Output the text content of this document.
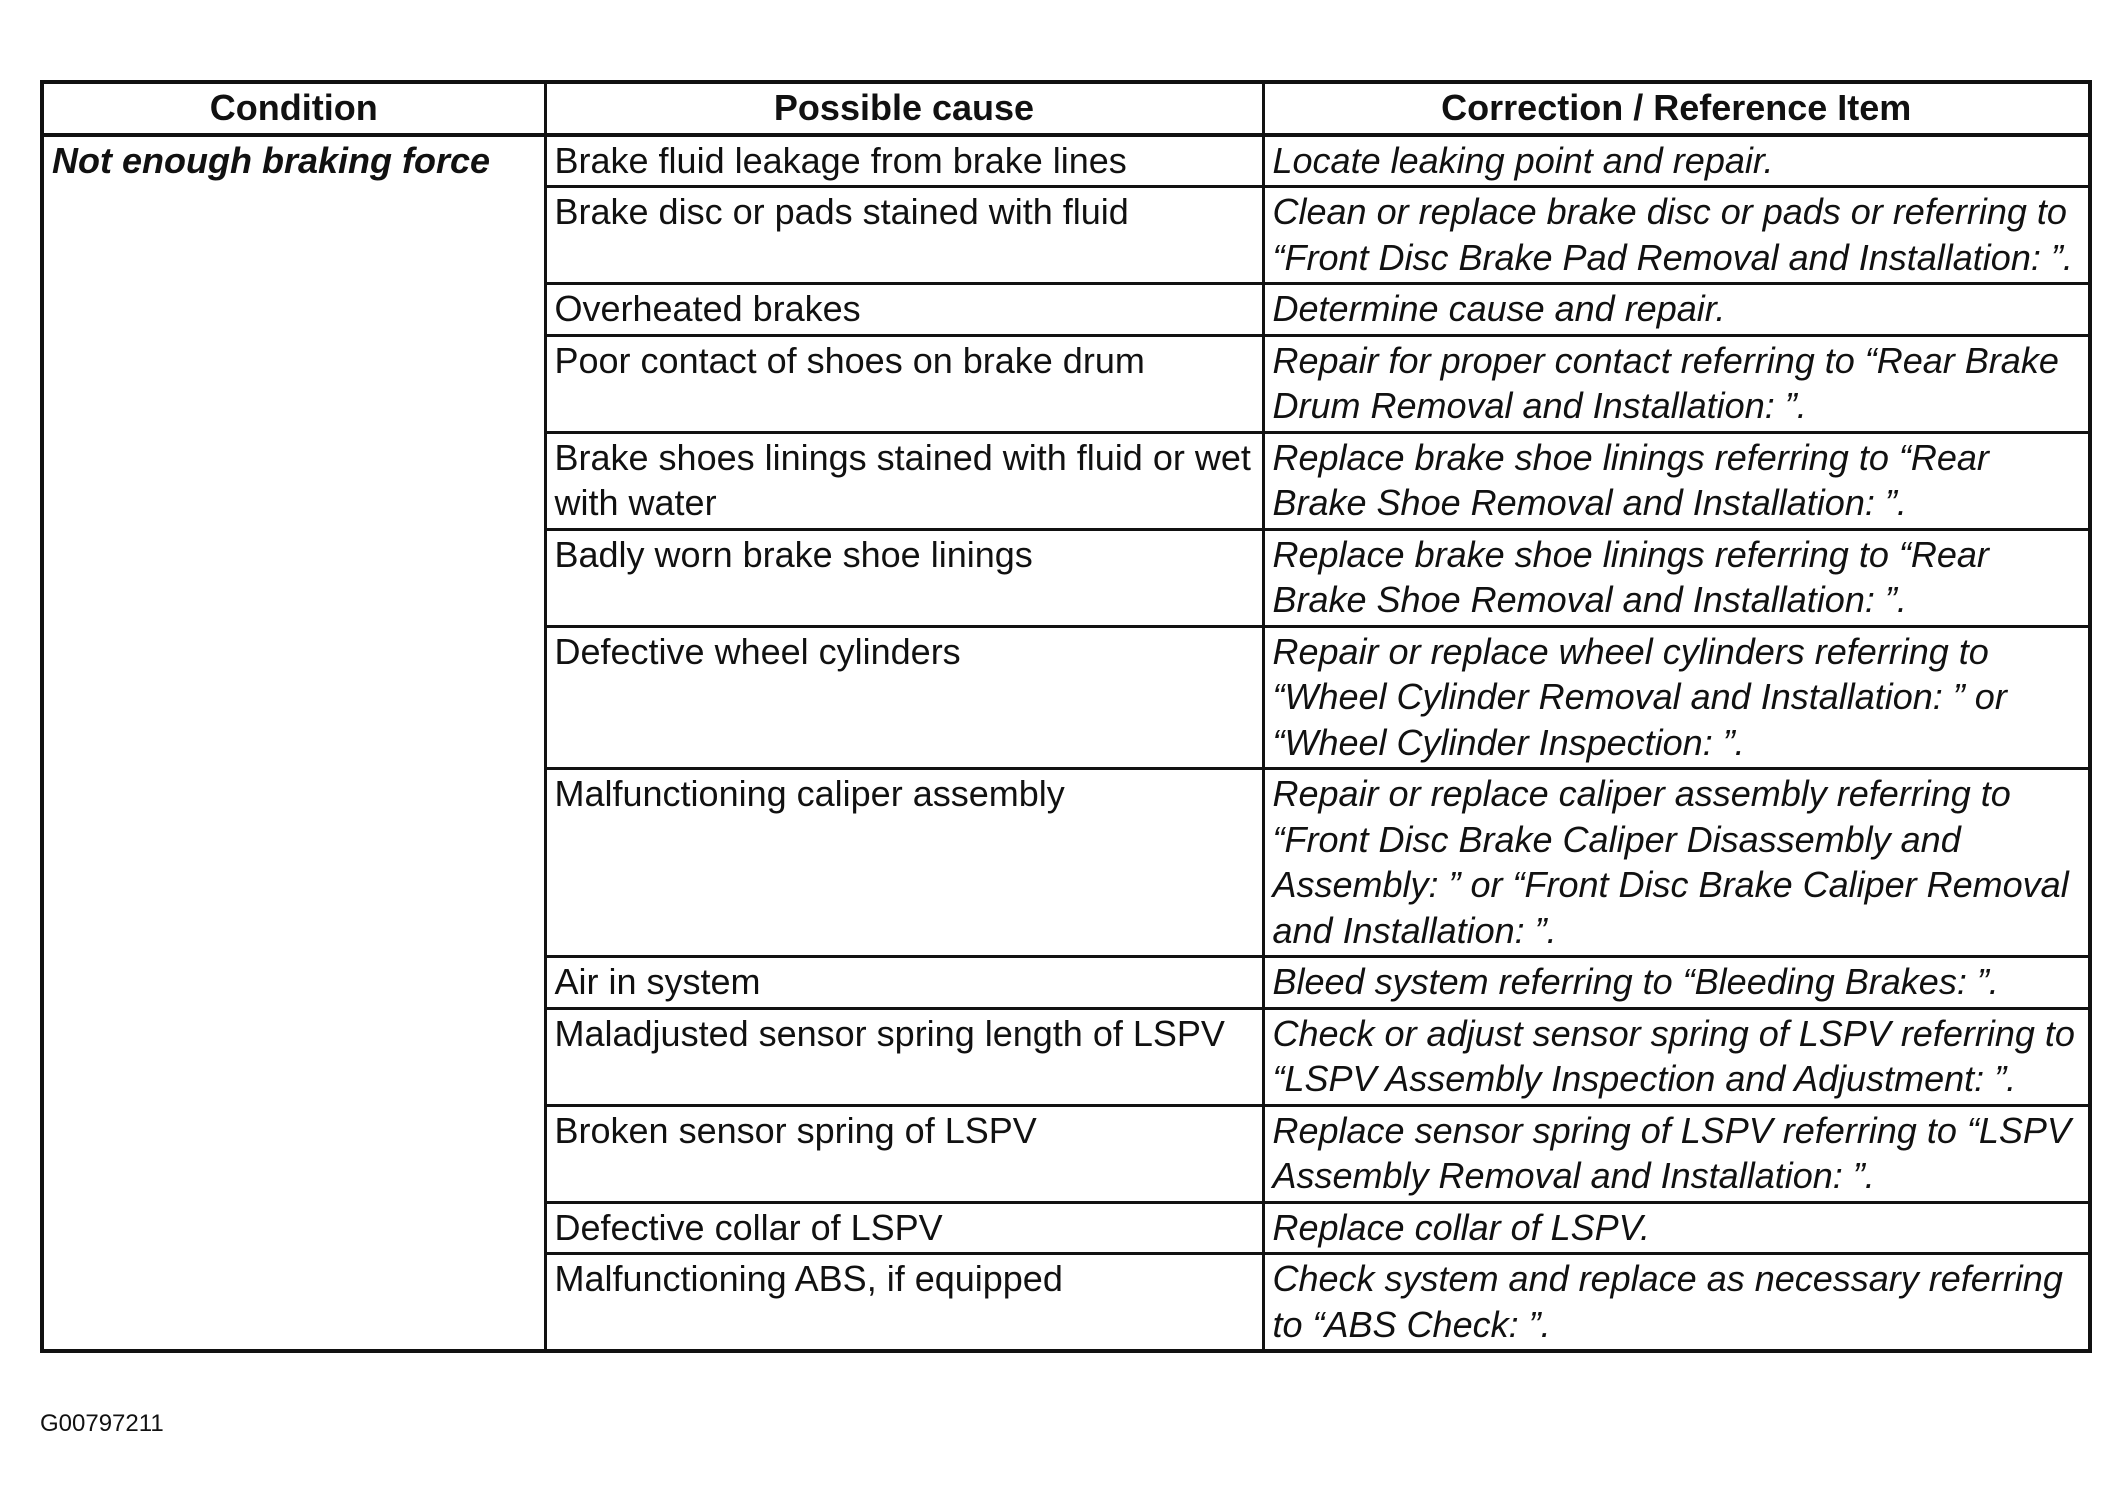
Condition	Possible cause	Correction / Reference Item
Not enough braking force	Brake fluid leakage from brake lines	Locate leaking point and repair.
	Brake disc or pads stained with fluid	Clean or replace brake disc or pads or referring to “Front Disc Brake Pad Removal and Installation: ”.
	Overheated brakes	Determine cause and repair.
	Poor contact of shoes on brake drum	Repair for proper contact referring to “Rear Brake Drum Removal and Installation: ”.
	Brake shoes linings stained with fluid or wet with water	Replace brake shoe linings referring to “Rear Brake Shoe Removal and Installation: ”.
	Badly worn brake shoe linings	Replace brake shoe linings referring to “Rear Brake Shoe Removal and Installation: ”.
	Defective wheel cylinders	Repair or replace wheel cylinders referring to “Wheel Cylinder Removal and Installation: ” or “Wheel Cylinder Inspection: ”.
	Malfunctioning caliper assembly	Repair or replace caliper assembly referring to “Front Disc Brake Caliper Disassembly and Assembly: ” or “Front Disc Brake Caliper Removal and Installation: ”.
	Air in system	Bleed system referring to “Bleeding Brakes: ”.
	Maladjusted sensor spring length of LSPV	Check or adjust sensor spring of LSPV referring to “LSPV Assembly Inspection and Adjustment: ”.
	Broken sensor spring of LSPV	Replace sensor spring of LSPV referring to “LSPV Assembly Removal and Installation: ”.
	Defective collar of LSPV	Replace collar of LSPV.
	Malfunctioning ABS, if equipped	Check system and replace as necessary referring to “ABS Check: ”.
G00797211
